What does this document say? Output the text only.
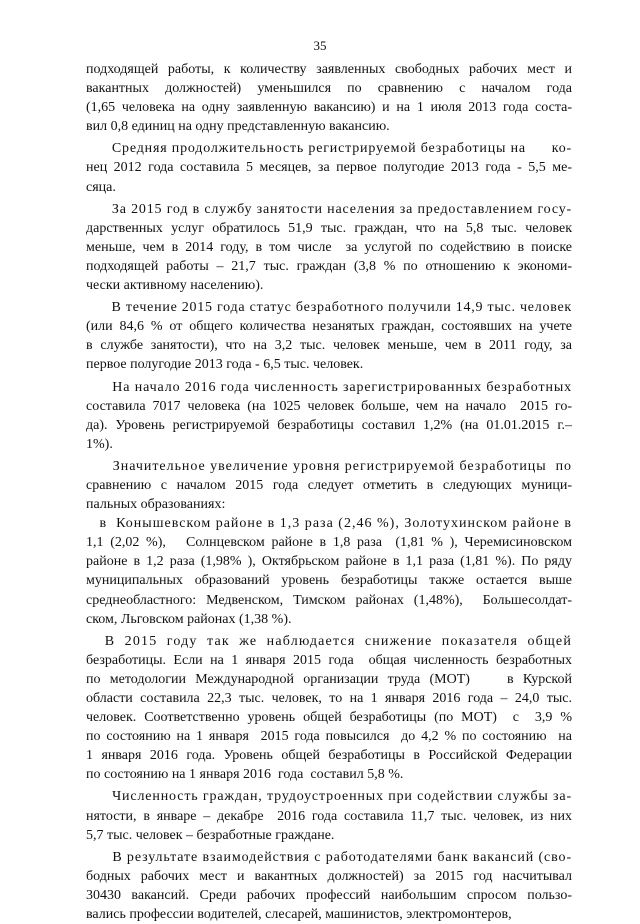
35
подходящей работы, к количеству заявленных свободных рабочих мест и
вакантных должностей) уменьшился по сравнению с началом года
(1,65 человека на одну заявленную вакансию) и на 1 июля 2013 года соста-
вил 0,8 единиц на одну представленную вакансию.
Средняя продолжительность регистрируемой безработицы на      ко-
нец 2012 года составила 5 месяцев, за первое полугодие 2013 года - 5,5 ме-
сяца.
За 2015 год в службу занятости населения за предоставлением госу-
дарственных услуг обратилось 51,9 тыс. граждан, что на 5,8 тыс. человек
меньше, чем в 2014 году, в том числе  за услугой по содействию в поиске
подходящей работы – 21,7 тыс. граждан (3,8 % по отношению к экономи-
чески активному населению).
В течение 2015 года статус безработного получили 14,9 тыс. человек
(или 84,6 % от общего количества незанятых граждан, состоявших на учете
в службе занятости), что на 3,2 тыс. человек меньше, чем в 2011 году, за
первое полугодие 2013 года - 6,5 тыс. человек.
На начало 2016 года численность зарегистрированных безработных
составила 7017 человека (на 1025 человек больше, чем на начало  2015 го-
да). Уровень регистрируемой безработицы составил 1,2% (на 01.01.2015 г.–
1%).
Значительное увеличение уровня регистрируемой безработицы  по
сравнению с началом 2015 года следует отметить в следующих муници-
пальных образованиях:
в  Конышевском районе в 1,3 раза (2,46 %), Золотухинском районе в
1,1 (2,02 %),   Солнцевском районе в 1,8 раза  (1,81 % ), Черемисиновском
районе в 1,2 раза (1,98% ), Октябрьском районе в 1,1 раза (1,81 %). По ряду
муниципальных образований уровень безработицы также остается выше
среднеобластного: Медвенском, Тимском районах (1,48%),  Большесолдат-
ском, Льговском районах (1,38 %).
В  2015  году  так  же  наблюдается  снижение  показателя  общей
безработицы. Если на 1 января 2015 года  общая численность безработных
по методологии Международной организации труда (МОТ)    в Курской
области составила 22,3 тыс. человек, то на 1 января 2016 года – 24,0 тыс.
человек. Соответственно уровень общей безработицы (по МОТ)  с  3,9 %
по состоянию на 1 января  2015 года повысился  до 4,2 % по состоянию  на
1 января 2016 года. Уровень общей безработицы в Российской Федерации
по состоянию на 1 января 2016  года  составил 5,8 %.
Численность граждан, трудоустроенных при содействии службы за-
нятости, в январе – декабре  2016 года составила 11,7 тыс. человек, из них
5,7 тыс. человек – безработные граждане.
В результате взаимодействия с работодателями банк вакансий (сво-
бодных рабочих мест и вакантных должностей) за 2015 год насчитывал
30430 вакансий. Среди рабочих профессий наибольшим спросом пользо-
вались профессии водителей, слесарей, машинистов, электромонтеров,
